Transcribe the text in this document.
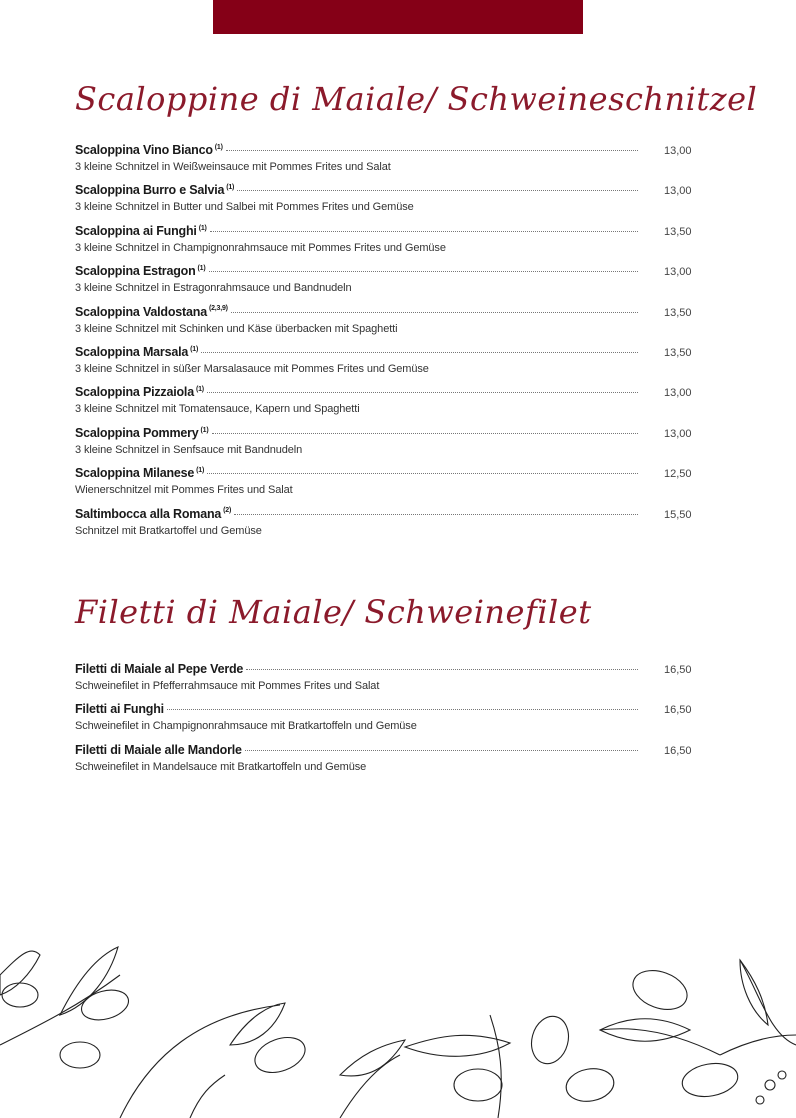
Scaloppine di Maiale/ Schweineschnitzel
Scaloppina Vino Bianco $^{(1)}$	13,00
3 kleine Schnitzel in Weißweinsauce mit Pommes Frites und Salat
Scaloppina Burro e Salvia $^{(1)}$	13,00
3 kleine Schnitzel in Butter und Salbei mit Pommes Frites und Gemüse
Scaloppina ai Funghi $^{(1)}$	13,50
3 kleine Schnitzel in Champignonrahmsauce mit Pommes Frites und Gemüse
Scaloppina Estragon $^{(1)}$	13,00
3 kleine Schnitzel in Estragonrahmsauce und Bandnudeln
Scaloppina Valdostana $^{(2,3,9)}$	13,50
3 kleine Schnitzel mit Schinken und Käse überbacken mit Spaghetti
Scaloppina Marsala $^{(1)}$	13,50
3 kleine Schnitzel in süßer Marsalasauce mit Pommes Frites und Gemüse
Scaloppina Pizzaiola $^{(1)}$	13,00
3 kleine Schnitzel mit Tomatensauce, Kapern und Spaghetti
Scaloppina Pommery $^{(1)}$	13,00
3 kleine Schnitzel in Senfsauce mit Bandnudeln
Scaloppina Milanese $^{(1)}$	12,50
Wienerschnitzel mit Pommes Frites und Salat
Saltimbocca alla Romana $^{(2)}$	15,50
Schnitzel mit Bratkartoffel und Gemüse
Filetti di Maiale/ Schweinefilet
Filetti di Maiale al Pepe Verde	16,50
Schweinefilet in Pfefferrahmsauce mit Pommes Frites und Salat
Filetti ai Funghi	16,50
Schweinefilet in Champignonrahmsauce mit Bratkartoffeln und Gemüse
Filetti di Maiale alle Mandorle	16,50
Schweinefilet in Mandelsauce mit Bratkartoffeln und Gemüse
